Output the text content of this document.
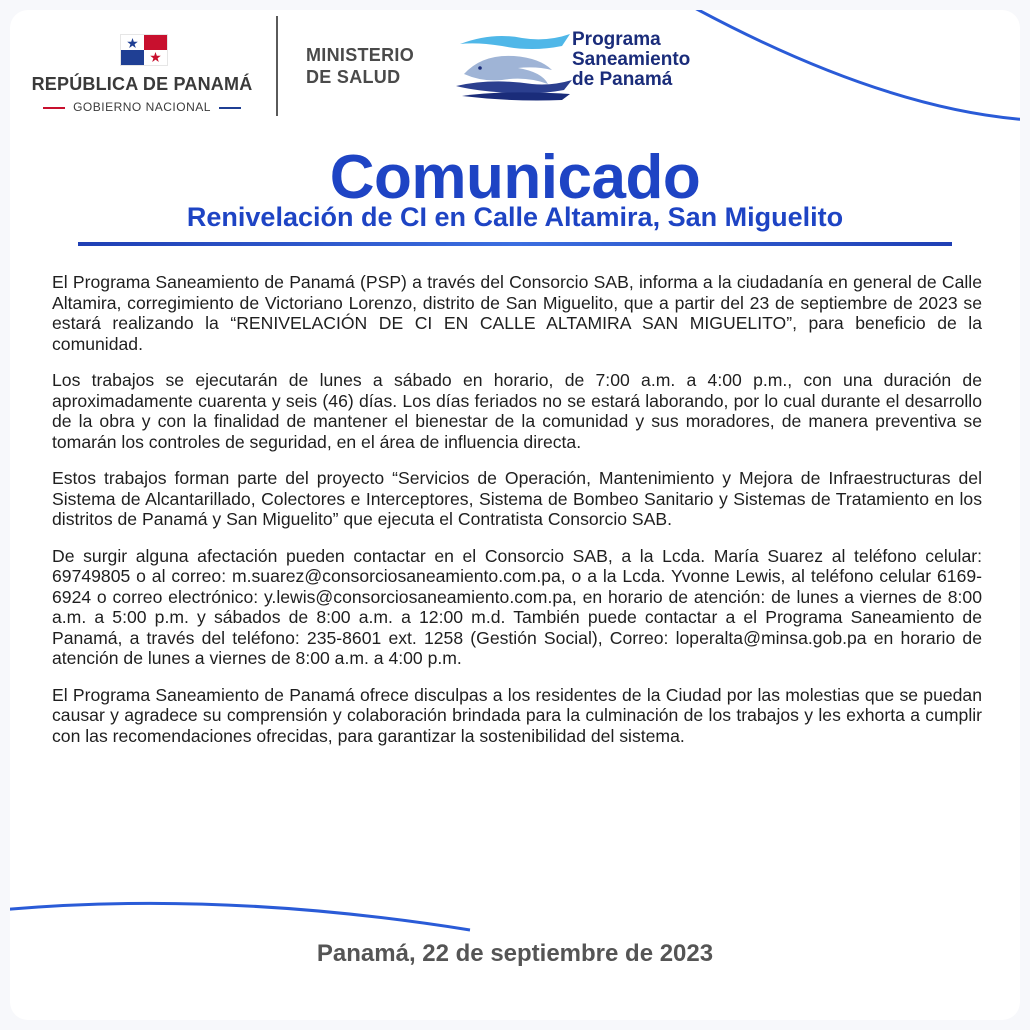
REPÚBLICA DE PANAMÁ
GOBIERNO NACIONAL
MINISTERIO
DE SALUD
Programa
Saneamiento
de Panamá
Comunicado
Renivelación de CI en Calle Altamira, San Miguelito

El Programa Saneamiento de Panamá (PSP) a través del Consorcio SAB, informa a la ciudadanía en general de Calle Altamira, corregimiento de Victoriano Lorenzo, distrito de San Miguelito, que a partir del 23 de septiembre de 2023 se estará realizando la “RENIVELACIÓN DE CI EN CALLE ALTAMIRA SAN MIGUELITO”, para beneficio de la comunidad.

Los trabajos se ejecutarán de lunes a sábado en horario, de 7:00 a.m. a 4:00 p.m., con una duración de aproximadamente cuarenta y seis (46) días. Los días feriados no se estará laborando, por lo cual durante el desarrollo de la obra y con la finalidad de mantener el bienestar de la comunidad y sus moradores, de manera preventiva se tomarán los controles de seguridad, en el área de influencia directa.

Estos trabajos forman parte del proyecto “Servicios de Operación, Mantenimiento y Mejora de Infraestructuras del Sistema de Alcantarillado, Colectores e Interceptores, Sistema de Bombeo Sanitario y Sistemas de Tratamiento en los distritos de Panamá y San Miguelito” que ejecuta el Contratista Consorcio SAB.

De surgir alguna afectación pueden contactar en el Consorcio SAB, a la Lcda. María Suarez al teléfono celular: 69749805 o al correo: m.suarez@consorciosaneamiento.com.pa, o a la Lcda. Yvonne Lewis, al teléfono celular 6169-6924 o correo electrónico: y.lewis@consorciosaneamiento.com.pa, en horario de atención: de lunes a viernes de 8:00 a.m. a 5:00 p.m. y sábados de 8:00 a.m. a 12:00 m.d. También puede contactar a el Programa Saneamiento de Panamá, a través del teléfono: 235-8601 ext. 1258 (Gestión Social), Correo: loperalta@minsa.gob.pa en horario de atención de lunes a viernes de 8:00 a.m. a 4:00 p.m.

El Programa Saneamiento de Panamá ofrece disculpas a los residentes de la Ciudad por las molestias que se puedan causar y agradece su comprensión y colaboración brindada para la culminación de los trabajos y les exhorta a cumplir con las recomendaciones ofrecidas, para garantizar la sostenibilidad del sistema.

Panamá, 22 de septiembre de 2023
